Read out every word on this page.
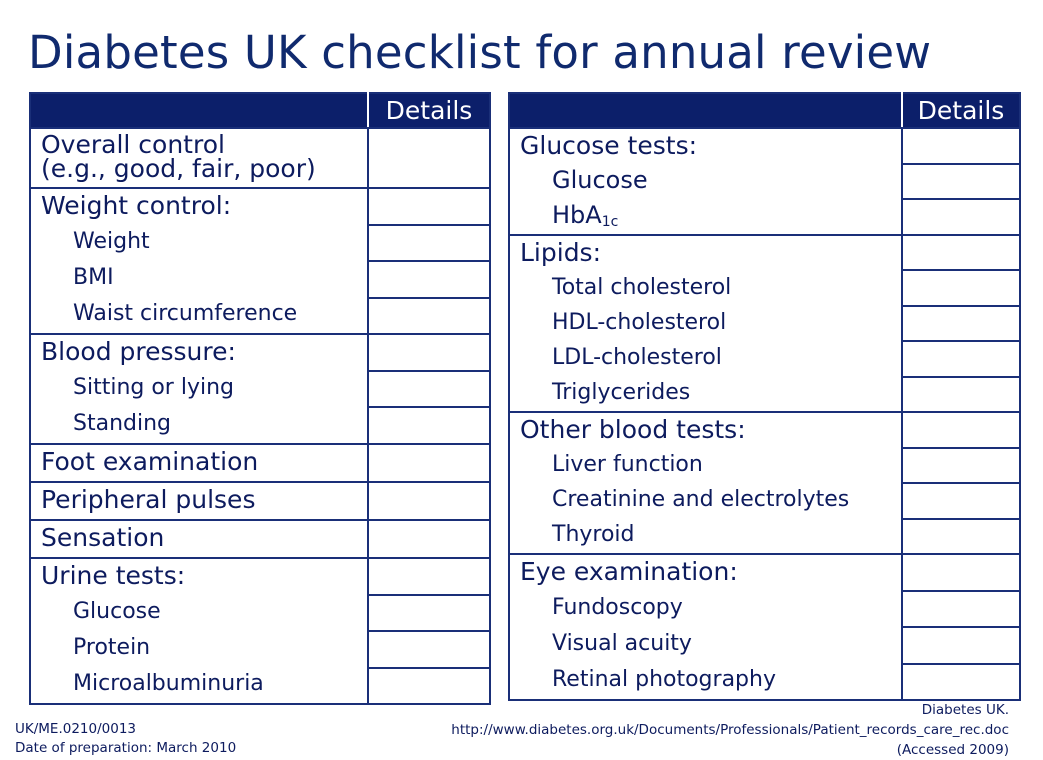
Diabetes UK checklist for annual review
	Details

Overall control
(e.g., good, fair, poor)	

Weight control:
Weight
BMI
Waist circumference	

Blood pressure:
Sitting or lying
Standing	

Foot examination	

Peripheral pulses	

Sensation	

Urine tests:
Glucose
Protein
Microalbuminuria	

	Details

Glucose tests:
Glucose
HbA$_{1c}$

Lipids:
Total cholesterol
HDL-cholesterol
LDL-cholesterol
Triglycerides	

Other blood tests:
Liver function
Creatinine and electrolytes
Thyroid	

Eye examination:
Fundoscopy
Visual acuity
Retinal photography	

UK/ME.0210/0013
Date of preparation: March 2010
Diabetes UK.
http://www.diabetes.org.uk/Documents/Professionals/Patient_records_care_rec.doc
(Accessed 2009)
